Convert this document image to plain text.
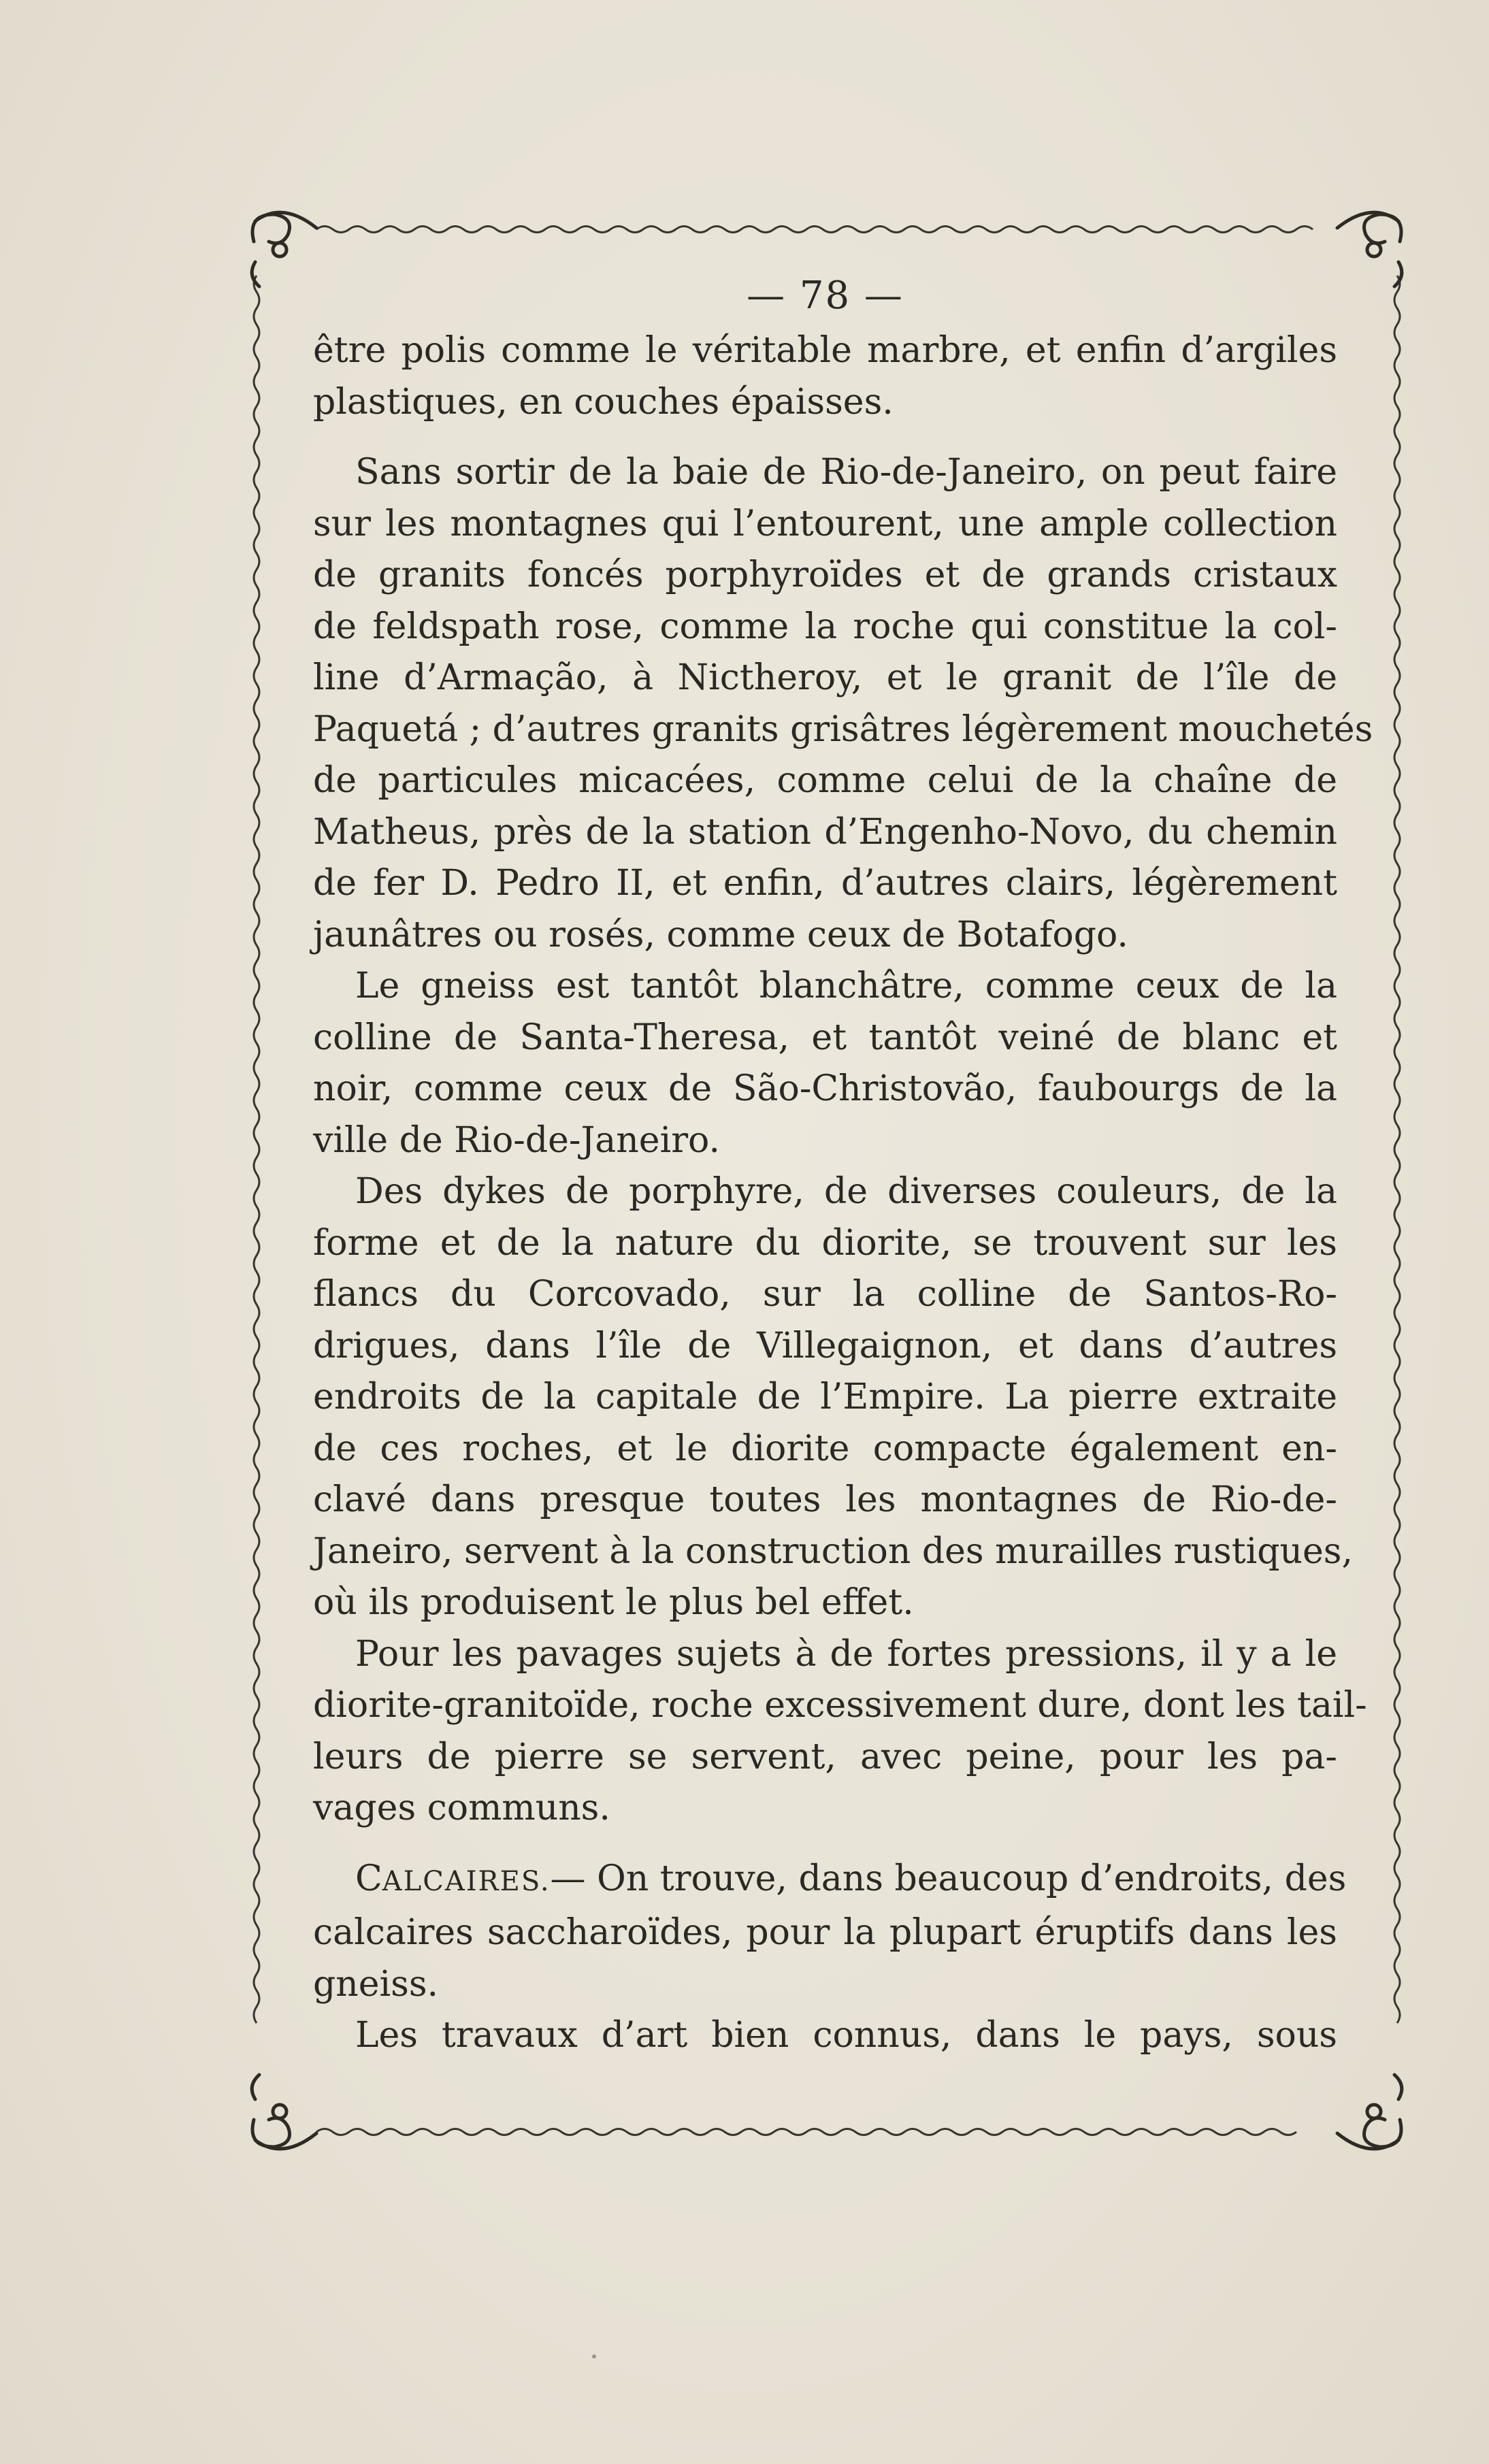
— 78 —
être polis comme le véritable marbre, et enfin d’argiles
plastiques, en couches épaisses.
Sans sortir de la baie de Rio-de-Janeiro, on peut faire
sur les montagnes qui l’entourent, une ample collection
de granits foncés porphyroïdes et de grands cristaux
de feldspath rose, comme la roche qui constitue la col-
line d’Armação, à Nictheroy, et le granit de l’île de
Paquetá ; d’autres granits grisâtres légèrement mouchetés
de particules micacées, comme celui de la chaîne de
Matheus, près de la station d’Engenho-Novo, du chemin
de fer D. Pedro II, et enfin, d’autres clairs, légèrement
jaunâtres ou rosés, comme ceux de Botafogo.
Le gneiss est tantôt blanchâtre, comme ceux de la
colline de Santa-Theresa, et tantôt veiné de blanc et
noir, comme ceux de São-Christovão, faubourgs de la
ville de Rio-de-Janeiro.
Des dykes de porphyre, de diverses couleurs, de la
forme et de la nature du diorite, se trouvent sur les
flancs du Corcovado, sur la colline de Santos-Ro-
drigues, dans l’île de Villegaignon, et dans d’autres
endroits de la capitale de l’Empire. La pierre extraite
de ces roches, et le diorite compacte également en-
clavé dans presque toutes les montagnes de Rio-de-
Janeiro, servent à la construction des murailles rustiques,
où ils produisent le plus bel effet.
Pour les pavages sujets à de fortes pressions, il y a le
diorite-granitoïde, roche excessivement dure, dont les tail-
leurs de pierre se servent, avec peine, pour les pa-
vages communs.
CALCAIRES.— On trouve, dans beaucoup d’endroits, des
calcaires saccharoïdes, pour la plupart éruptifs dans les
gneiss.
Les travaux d’art bien connus, dans le pays, sous
